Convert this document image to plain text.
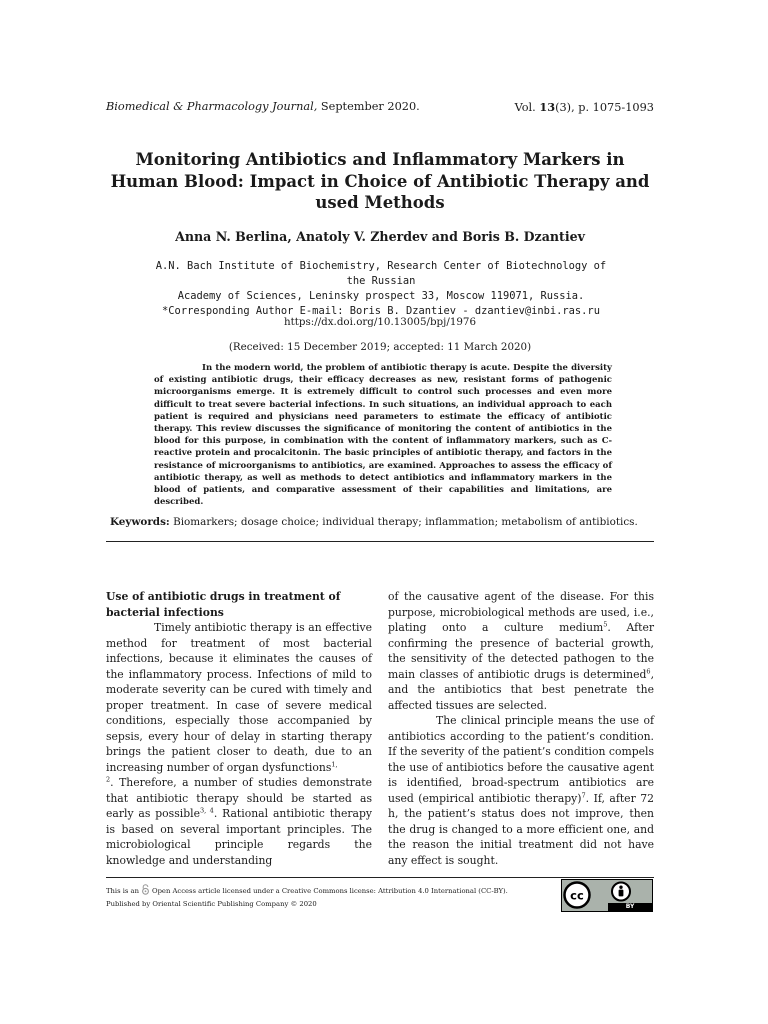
Biomedical & Pharmacology Journal, September 2020.	Vol. 13(3), p. 1075-1093
Monitoring Antibiotics and Inflammatory Markers in Human Blood: Impact in Choice of Antibiotic Therapy and used Methods

Anna N. Berlina, Anatoly V. Zherdev and Boris B. Dzantiev

A.N. Bach Institute of Biochemistry, Research Center of Biotechnology of the Russian
Academy of Sciences, Leninsky prospect 33, Moscow 119071, Russia.
*Corresponding Author E-mail: Boris B. Dzantiev - dzantiev@inbi.ras.ru

https://dx.doi.org/10.13005/bpj/1976

(Received: 15 December 2019; accepted: 11 March 2020)

In the modern world, the problem of antibiotic therapy is acute. Despite the diversity of existing antibiotic drugs, their efficacy decreases as new, resistant forms of pathogenic microorganisms emerge. It is extremely difficult to control such processes and even more difficult to treat severe bacterial infections. In such situations, an individual approach to each patient is required and physicians need parameters to estimate the efficacy of antibiotic therapy. This review discusses the significance of monitoring the content of antibiotics in the blood for this purpose, in combination with the content of inflammatory markers, such as C-reactive protein and procalcitonin. The basic principles of antibiotic therapy, and factors in the resistance of microorganisms to antibiotics, are examined. Approaches to assess the efficacy of antibiotic therapy, as well as methods to detect antibiotics and inflammatory markers in the blood of patients, and comparative assessment of their capabilities and limitations, are described.

Keywords: Biomarkers; dosage choice; individual therapy; inflammation; metabolism of antibiotics.

Use of antibiotic drugs in treatment of bacterial infections

Timely antibiotic therapy is an effective method for treatment of most bacterial infections, because it eliminates the causes of the inflammatory process. Infections of mild to moderate severity can be cured with timely and proper treatment. In case of severe medical conditions, especially those accompanied by sepsis, every hour of delay in starting therapy brings the patient closer to death, due to an increasing number of organ dysfunctions$^{1,}$
$^2$. Therefore, a number of studies demonstrate that antibiotic therapy should be started as early as possible$^{3, 4}$. Rational antibiotic therapy is based on several important principles. The microbiological principle regards the knowledge and understanding

of the causative agent of the disease. For this purpose, microbiological methods are used, i.e., plating onto a culture medium$^5$. After confirming the presence of bacterial growth, the sensitivity of the detected pathogen to the main classes of antibiotic drugs is determined$^6$, and the antibiotics that best penetrate the affected tissues are selected.

The clinical principle means the use of antibiotics according to the patient’s condition. If the severity of the patient’s condition compels the use of antibiotics before the causative agent is identified, broad-spectrum antibiotics are used (empirical antibiotic therapy)$^7$. If, after 72 h, the patient’s status does not improve, then the drug is changed to a more efficient one, and the reason the initial treatment did not have any effect is sought.

This is an Open Access article licensed under a Creative Commons license: Attribution 4.0 International (CC-BY).

Published by Oriental Scientific Publishing Company © 2020

cc
BY
